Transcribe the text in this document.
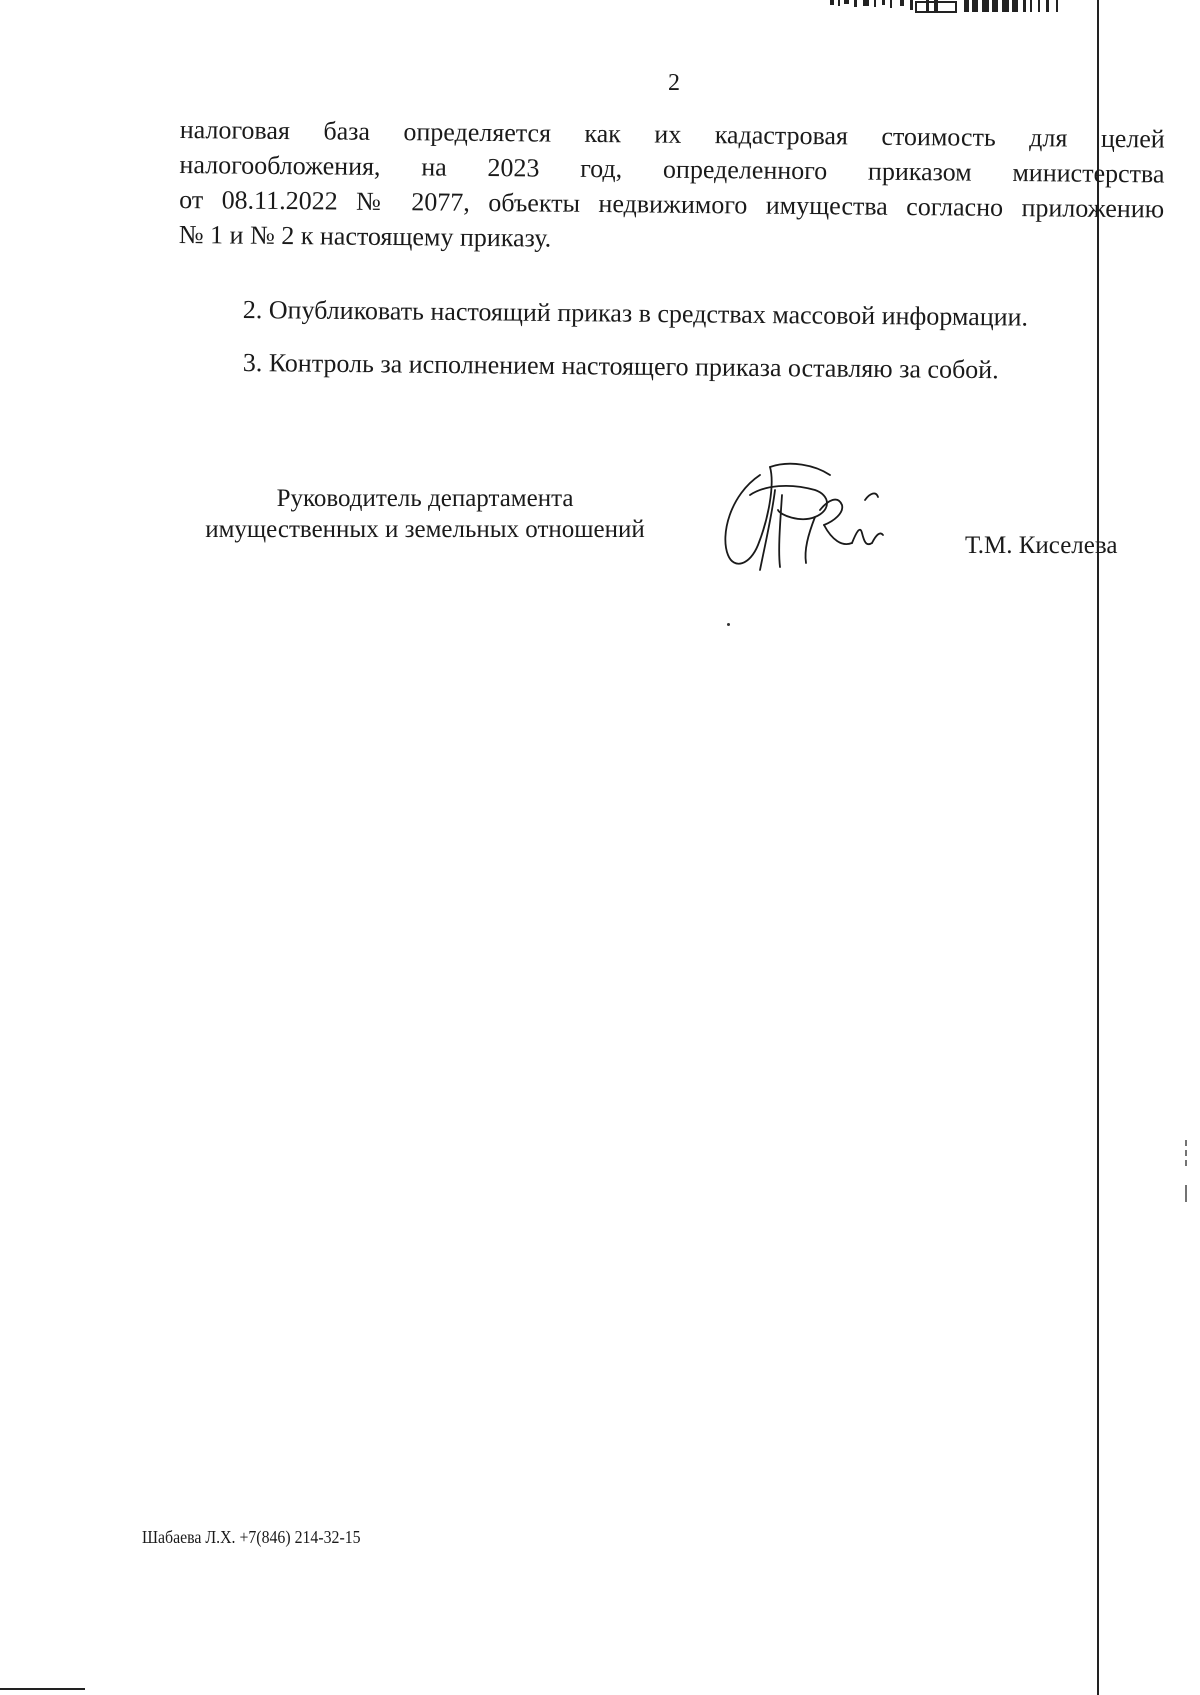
2
налоговая база определяется как их кадастровая стоимость для целей
налогообложения, на 2023 год, определенного приказом министерства
от 08.11.2022 № 2077, объекты недвижимого имущества согласно приложению
№ 1 и № 2 к настоящему приказу.
2. Опубликовать настоящий приказ в средствах массовой информации.
3. Контроль за исполнением настоящего приказа оставляю за собой.
Руководитель департамента
имущественных и земельных отношений
Т.М. Киселева
Шабаева Л.Х. +7(846) 214-32-15
